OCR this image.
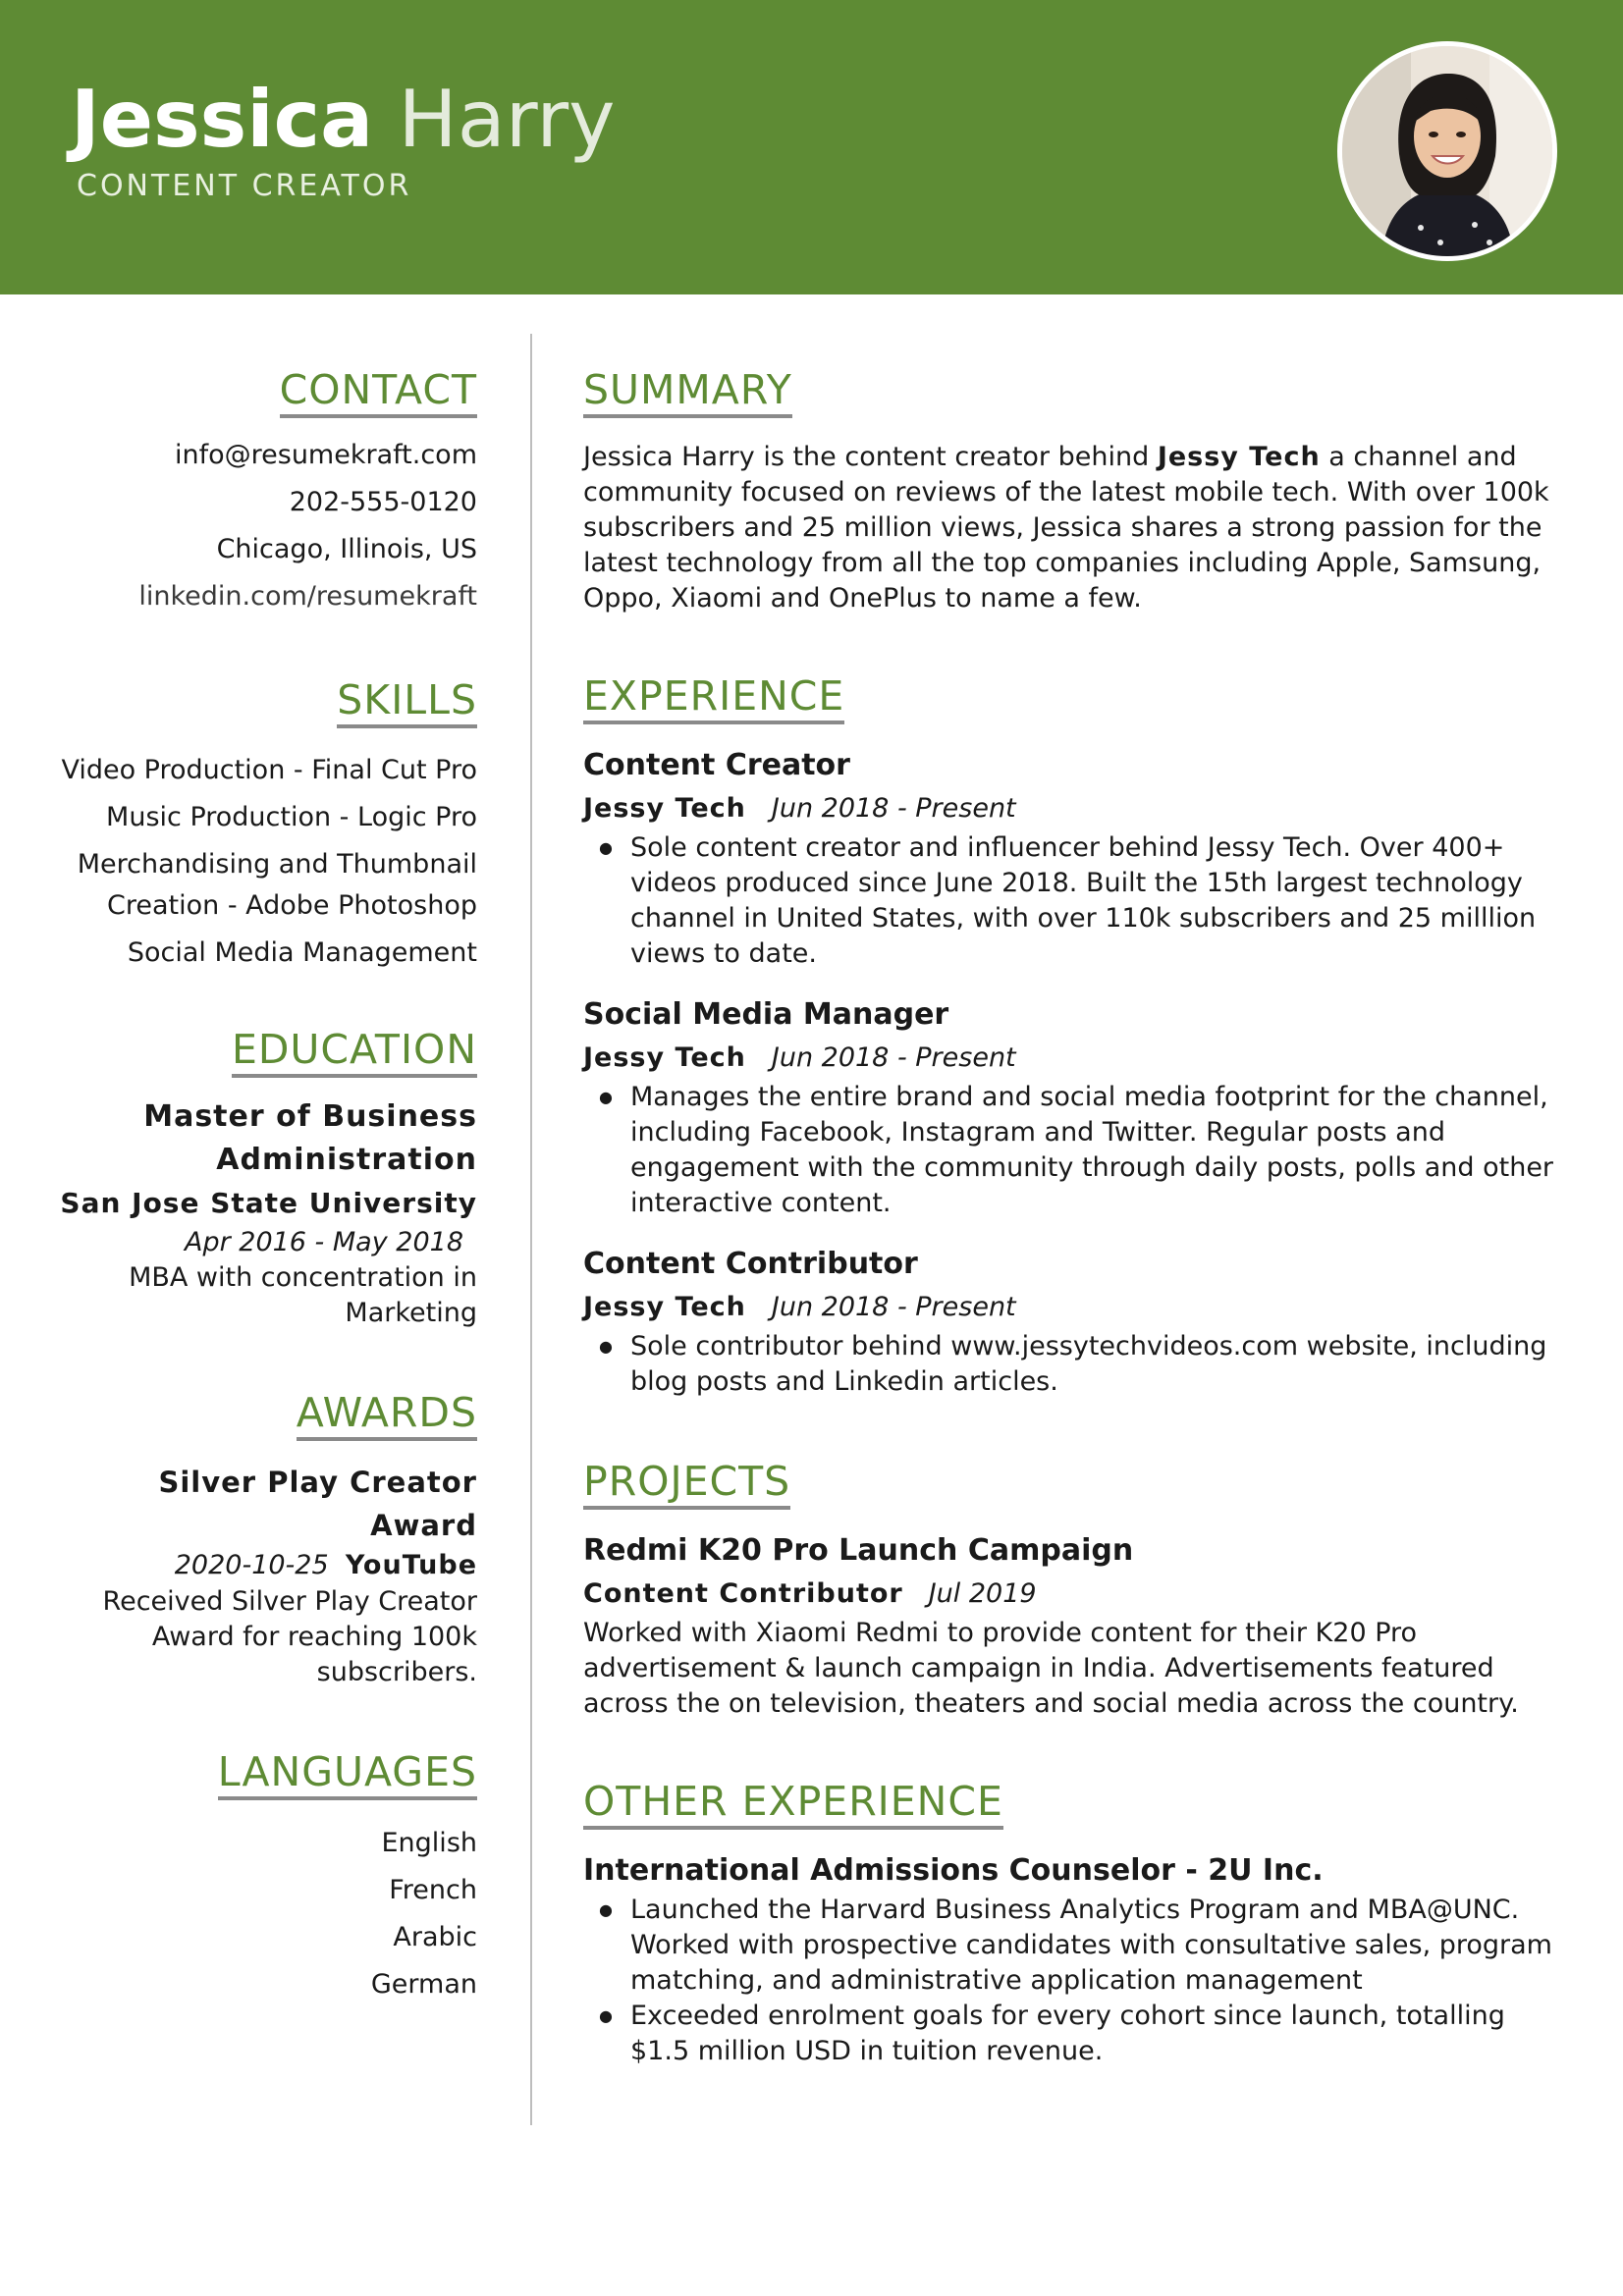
Jessica Harry
CONTENT CREATOR
CONTACT
info@resumekraft.com
202-555-0120
Chicago, Illinois, US
linkedin.com/resumekraft
SKILLS
Video Production - Final Cut Pro
Music Production - Logic Pro
Merchandising and Thumbnail Creation - Adobe Photoshop
Social Media Management
EDUCATION
Master of Business Administration
San Jose State University
Apr 2016 - May 2018
MBA with concentration in Marketing
AWARDS
Silver Play Creator Award
2020-10-25 YouTube
Received Silver Play Creator Award for reaching 100k subscribers.
LANGUAGES
English
French
Arabic
German
SUMMARY
Jessica Harry is the content creator behind Jessy Tech a channel and community focused on reviews of the latest mobile tech. With over 100k subscribers and 25 million views, Jessica shares a strong passion for the latest technology from all the top companies including Apple, Samsung, Oppo, Xiaomi and OnePlus to name a few.
EXPERIENCE
Content Creator
Jessy Tech Jun 2018 - Present
● Sole content creator and influencer behind Jessy Tech. Over 400+ videos produced since June 2018. Built the 15th largest technology channel in United States, with over 110k subscribers and 25 milllion views to date.
Social Media Manager
Jessy Tech Jun 2018 - Present
● Manages the entire brand and social media footprint for the channel, including Facebook, Instagram and Twitter. Regular posts and engagement with the community through daily posts, polls and other interactive content.
Content Contributor
Jessy Tech Jun 2018 - Present
● Sole contributor behind www.jessytechvideos.com website, including blog posts and Linkedin articles.
PROJECTS
Redmi K20 Pro Launch Campaign
Content Contributor Jul 2019
Worked with Xiaomi Redmi to provide content for their K20 Pro advertisement & launch campaign in India. Advertisements featured across the on television, theaters and social media across the country.
OTHER EXPERIENCE
International Admissions Counselor - 2U Inc.
● Launched the Harvard Business Analytics Program and MBA@UNC. Worked with prospective candidates with consultative sales, program matching, and administrative application management
● Exceeded enrolment goals for every cohort since launch, totalling $1.5 million USD in tuition revenue.
